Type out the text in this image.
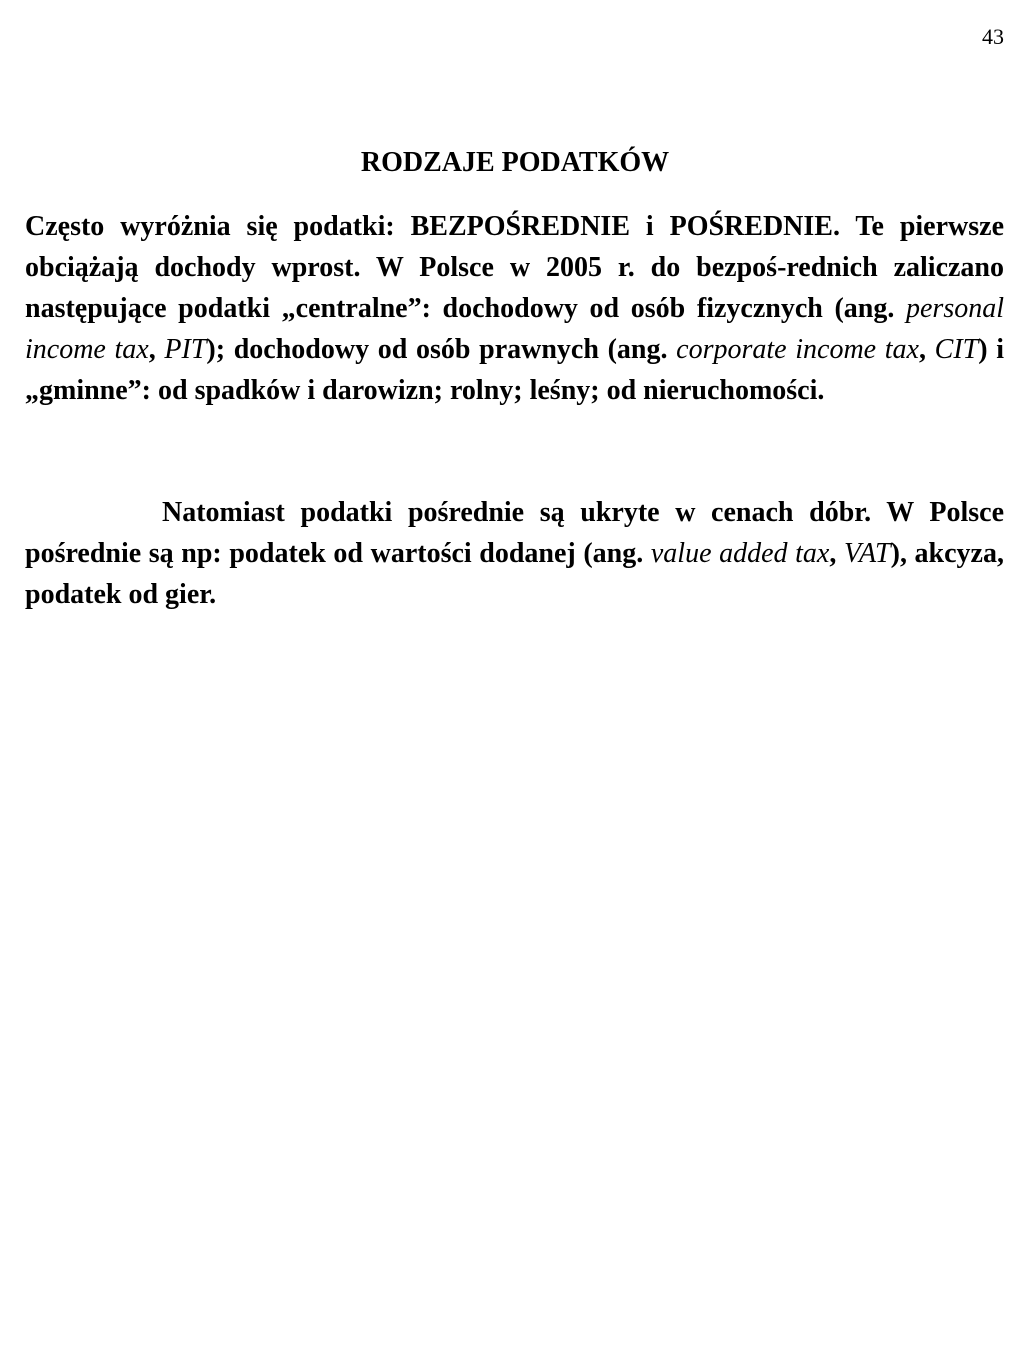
43
RODZAJE PODATKÓW
Często wyróżnia się podatki: BEZPOŚREDNIE i POŚREDNIE. Te pierwsze obciążają dochody wprost. W Polsce w 2005 r. do bezpoś-rednich zaliczano następujące podatki „centralne”: dochodowy od osób fizycznych (ang. personal income tax, PIT); dochodowy od osób prawnych (ang. corporate income tax, CIT) i „gminne”: od spadków i darowizn; rolny; leśny; od nieruchomości.
Natomiast podatki pośrednie są ukryte w cenach dóbr. W Polsce pośrednie są np: podatek od wartości dodanej (ang. value added tax, VAT), akcyza, podatek od gier.
